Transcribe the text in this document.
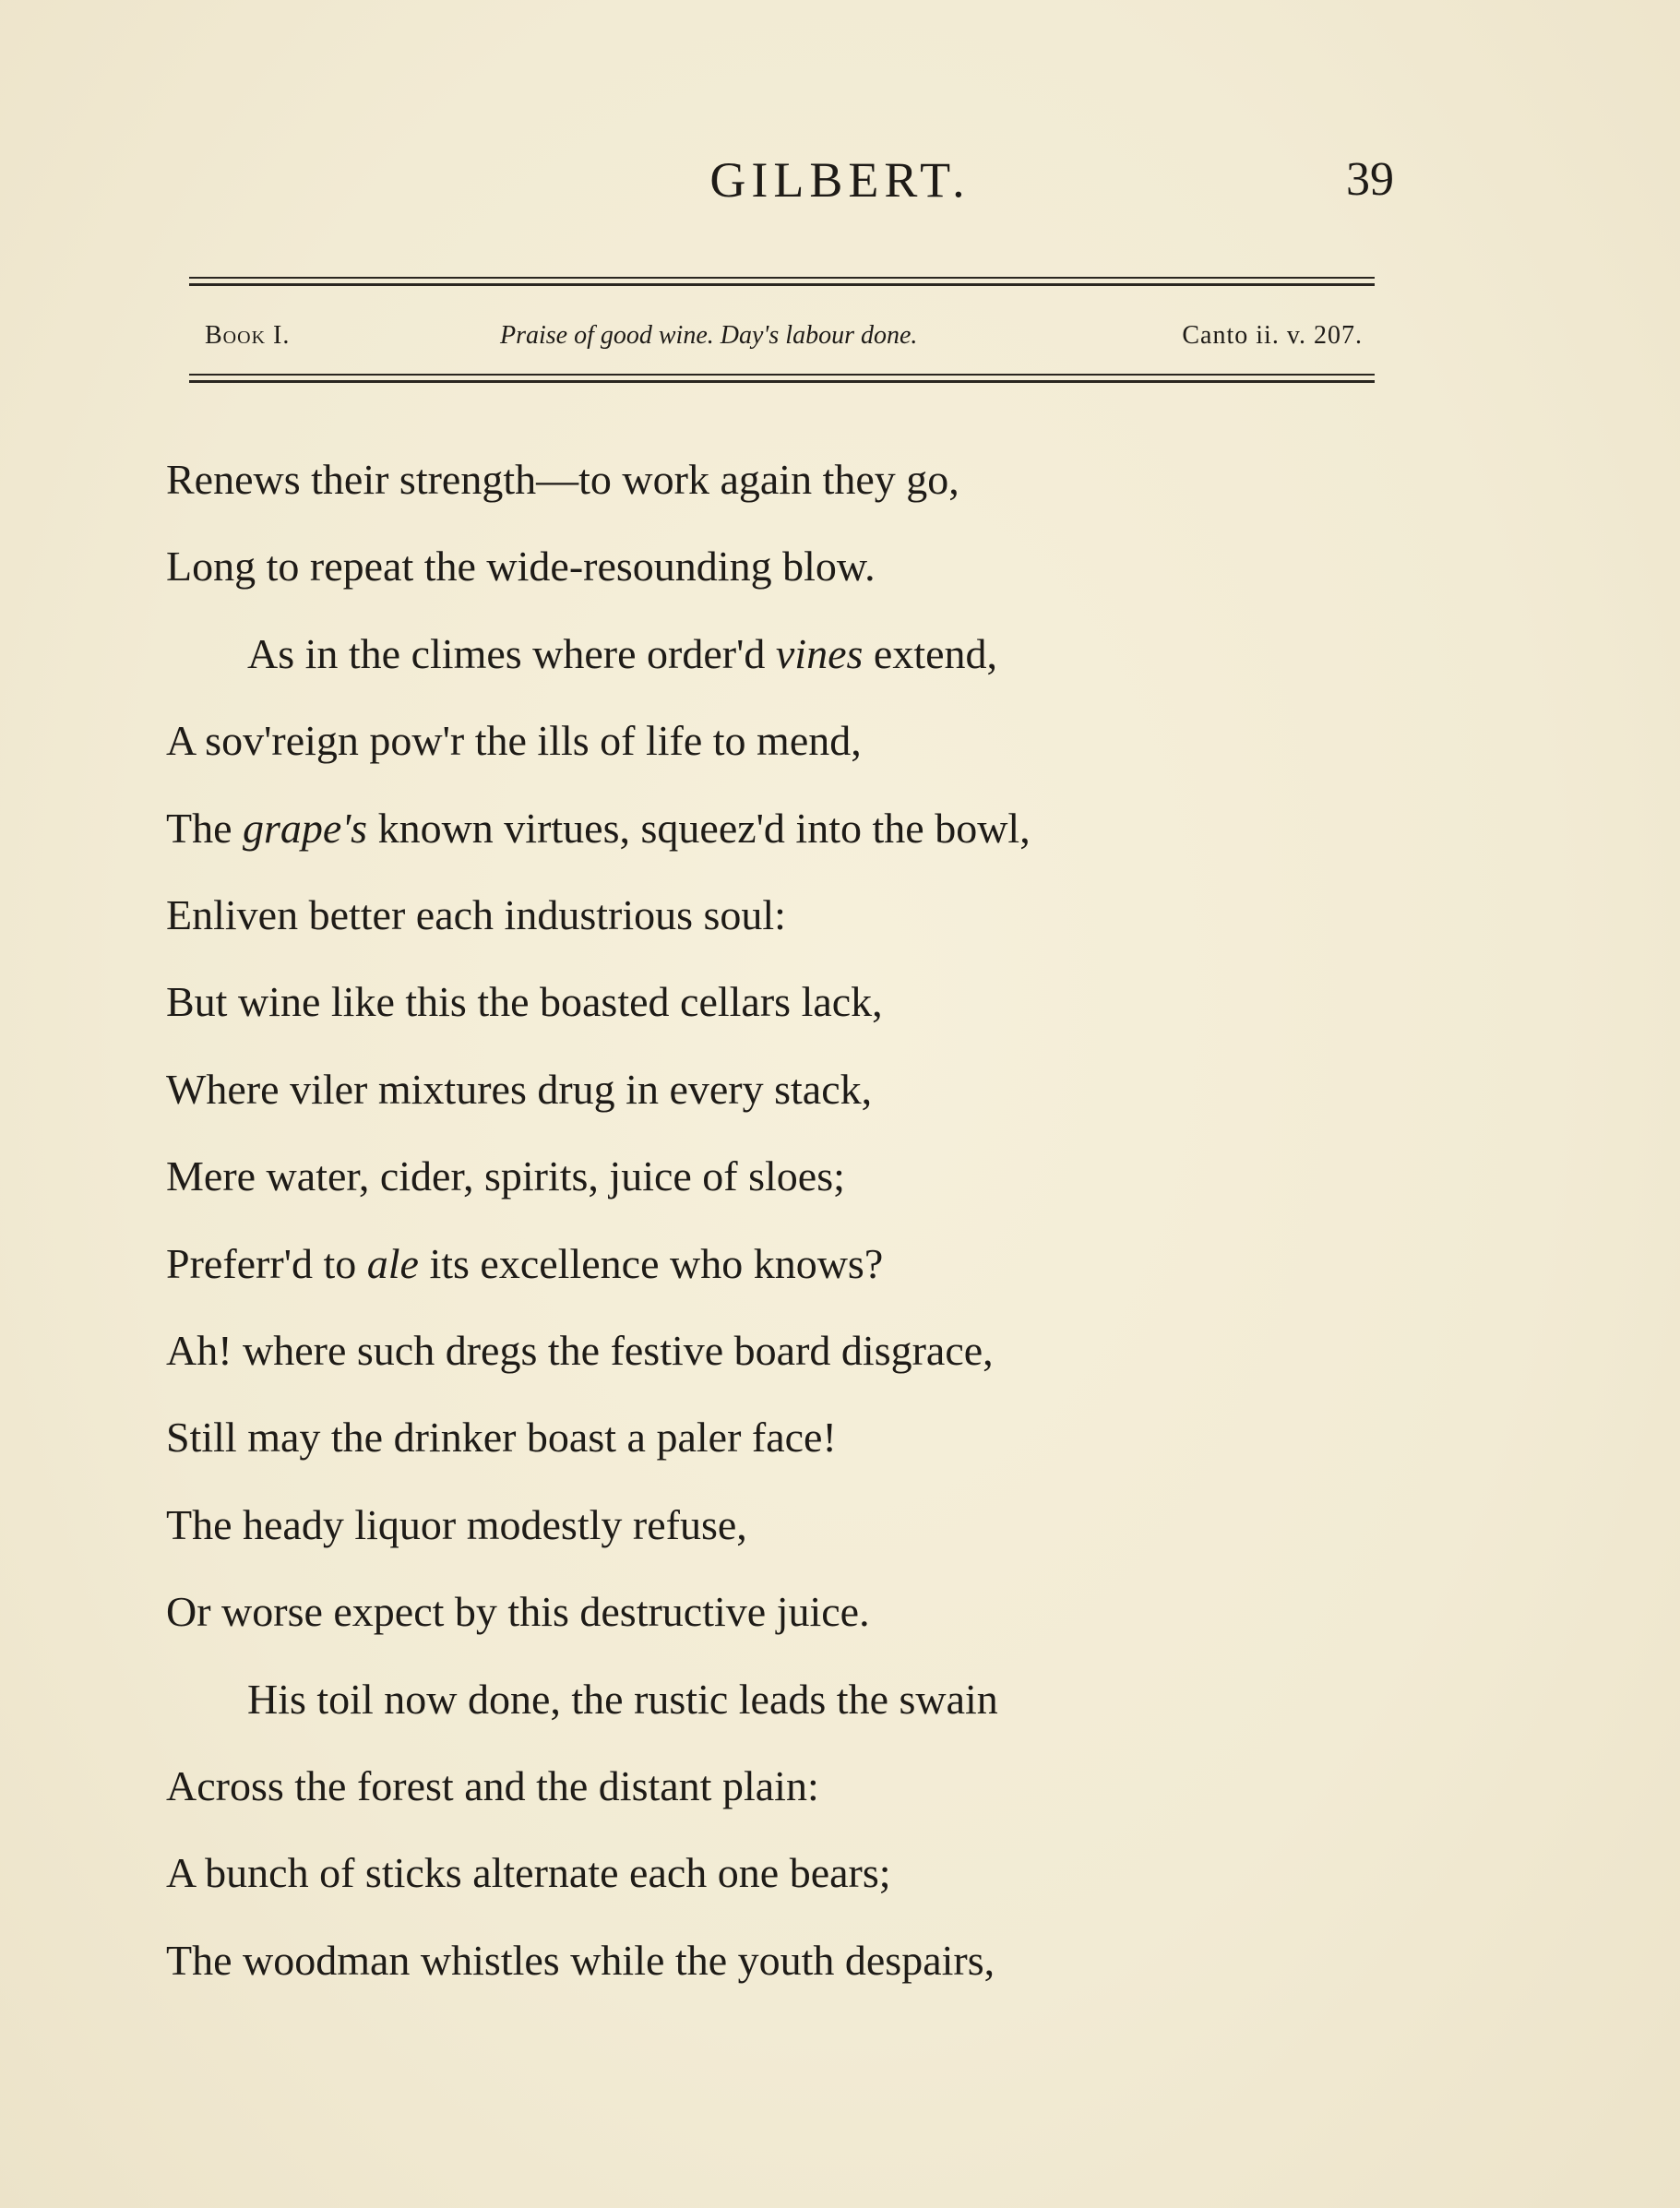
GILBERT.	39
Book I.	Praise of good wine. Day's labour done.	Canto ii. v. 207.
Renews their strength—to work again they go,
Long to repeat the wide-resounding blow.
As in the climes where order'd vines extend,
A sov'reign pow'r the ills of life to mend,
The grape's known virtues, squeez'd into the bowl,
Enliven better each industrious soul:
But wine like this the boasted cellars lack,
Where viler mixtures drug in every stack,
Mere water, cider, spirits, juice of sloes;
Preferr'd to ale its excellence who knows?
Ah! where such dregs the festive board disgrace,
Still may the drinker boast a paler face!
The heady liquor modestly refuse,
Or worse expect by this destructive juice.
His toil now done, the rustic leads the swain
Across the forest and the distant plain:
A bunch of sticks alternate each one bears;
The woodman whistles while the youth despairs,
